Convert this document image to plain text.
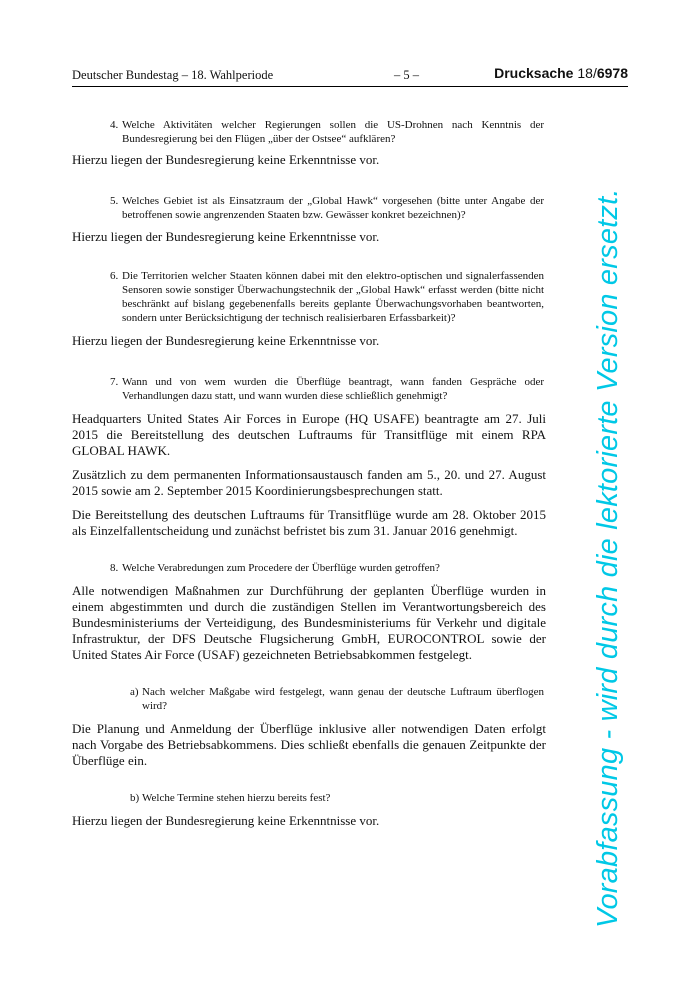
Deutscher Bundestag – 18. Wahlperiode	– 5 –	Drucksache 18/6978

4. Welche Aktivitäten welcher Regierungen sollen die US-Drohnen nach Kenntnis der Bundesregierung bei den Flügen „über der Ostsee“ aufklären?

Hierzu liegen der Bundesregierung keine Erkenntnisse vor.

5. Welches Gebiet ist als Einsatzraum der „Global Hawk“ vorgesehen (bitte unter Angabe der betroffenen sowie angrenzenden Staaten bzw. Gewässer konkret bezeichnen)?

Hierzu liegen der Bundesregierung keine Erkenntnisse vor.

6. Die Territorien welcher Staaten können dabei mit den elektro-optischen und signalerfassenden Sensoren sowie sonstiger Überwachungstechnik der „Global Hawk“ erfasst werden (bitte nicht beschränkt auf bislang gegebenenfalls bereits geplante Überwachungsvorhaben beantworten, sondern unter Berücksichtigung der technisch realisierbaren Erfassbarkeit)?

Hierzu liegen der Bundesregierung keine Erkenntnisse vor.

7. Wann und von wem wurden die Überflüge beantragt, wann fanden Gespräche oder Verhandlungen dazu statt, und wann wurden diese schließlich genehmigt?

Headquarters United States Air Forces in Europe (HQ USAFE) beantragte am 27. Juli 2015 die Bereitstellung des deutschen Luftraums für Transitflüge mit einem RPA GLOBAL HAWK.

Zusätzlich zu dem permanenten Informationsaustausch fanden am 5., 20. und 27. August 2015 sowie am 2. September 2015 Koordinierungsbesprechungen statt.

Die Bereitstellung des deutschen Luftraums für Transitflüge wurde am 28. Oktober 2015 als Einzelfallentscheidung und zunächst befristet bis zum 31. Januar 2016 genehmigt.

8. Welche Verabredungen zum Procedere der Überflüge wurden getroffen?

Alle notwendigen Maßnahmen zur Durchführung der geplanten Überflüge wurden in einem abgestimmten und durch die zuständigen Stellen im Verantwortungsbereich des Bundesministeriums der Verteidigung, des Bundesministeriums für Verkehr und digitale Infrastruktur, der DFS Deutsche Flugsicherung GmbH, EUROCONTROL sowie der United States Air Force (USAF) gezeichneten Betriebsabkommen festgelegt.

a) Nach welcher Maßgabe wird festgelegt, wann genau der deutsche Luftraum überflogen wird?

Die Planung und Anmeldung der Überflüge inklusive aller notwendigen Daten erfolgt nach Vorgabe des Betriebsabkommens. Dies schließt ebenfalls die genauen Zeitpunkte der Überflüge ein.

b) Welche Termine stehen hierzu bereits fest?

Hierzu liegen der Bundesregierung keine Erkenntnisse vor.	Vorabfassung - wird durch die lektorierte Version ersetzt.
